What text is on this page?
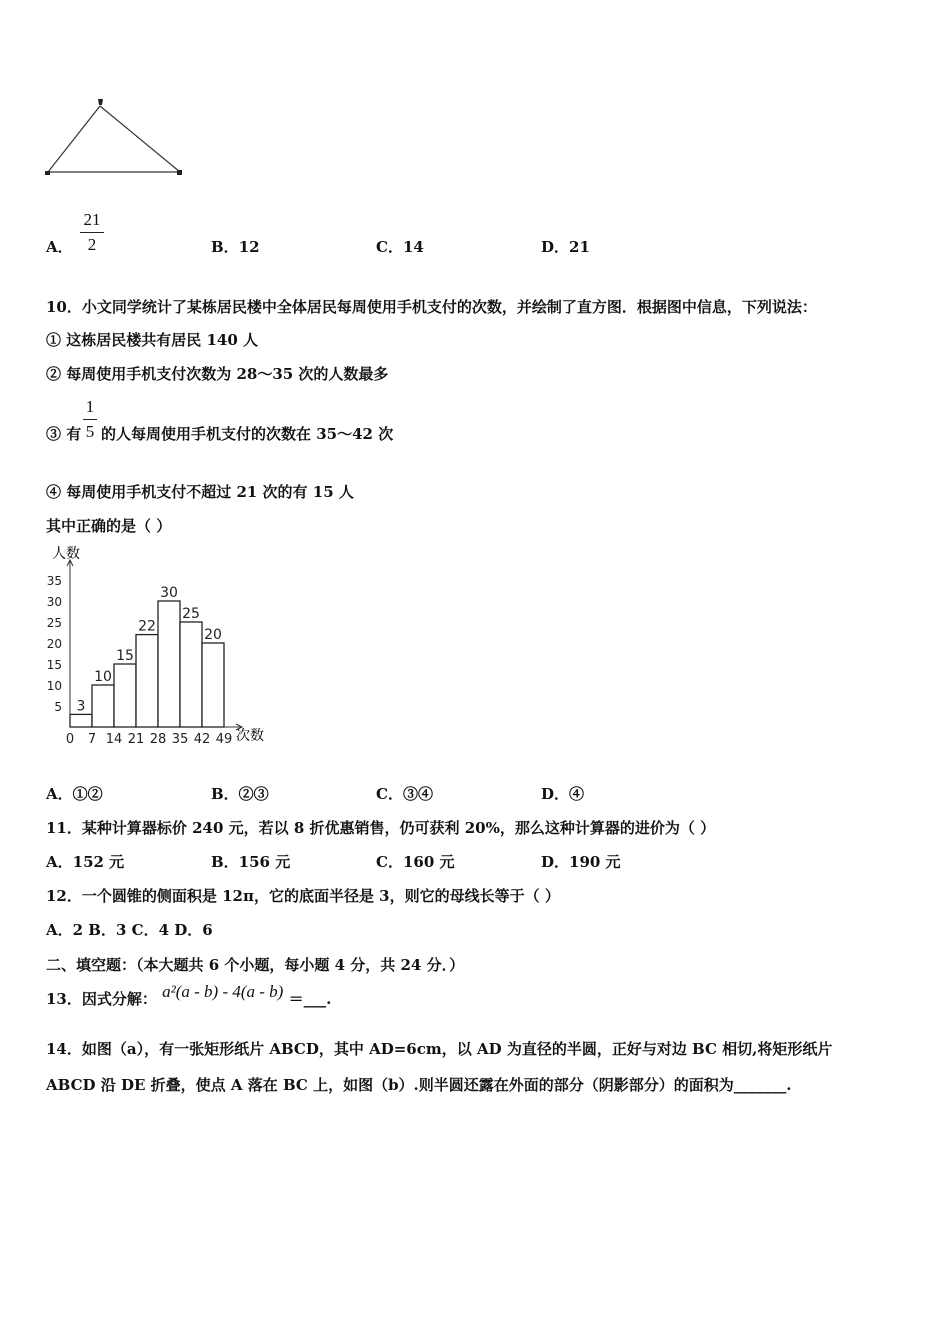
A．
21
2	B．12	C．14	D．21
10．小文同学统计了某栋居民楼中全体居民每周使用手机支付的次数，并绘制了直方图．根据图中信息，下列说法：
① 这栋居民楼共有居民 140 人
② 每周使用手机支付次数为 28～35 次的人数最多
③ 有
1
5 的人每周使用手机支付的次数在 35～42 次
④ 每周使用手机支付不超过 21 次的有 15 人
其中正确的是（ ）
3
10
15
22
30
25
20
5
10
15
20
25
30
35
0 7 14 21 28 35 42 49
人数
次数
A．①②	B．②③	C．③④	D．④
11．某种计算器标价 240 元，若以 8 折优惠销售，仍可获利 20%，那么这种计算器的进价为（ ）
A．152 元	B．156 元	C．160 元	D．190 元
12．一个圆锥的侧面积是 12π，它的底面半径是 3，则它的母线长等于（ ）
A．2 B．3 C．4 D．6
二、填空题：（本大题共 6 个小题，每小题 4 分，共 24 分．）
13．因式分解： a²(a - b) - 4(a - b) ＝___.
14．如图（a），有一张矩形纸片 ABCD，其中 AD=6cm，以 AD 为直径的半圆，正好与对边 BC 相切,将矩形纸片
ABCD 沿 DE 折叠，使点 A 落在 BC 上，如图（b）.则半圆还露在外面的部分（阴影部分）的面积为_______.
